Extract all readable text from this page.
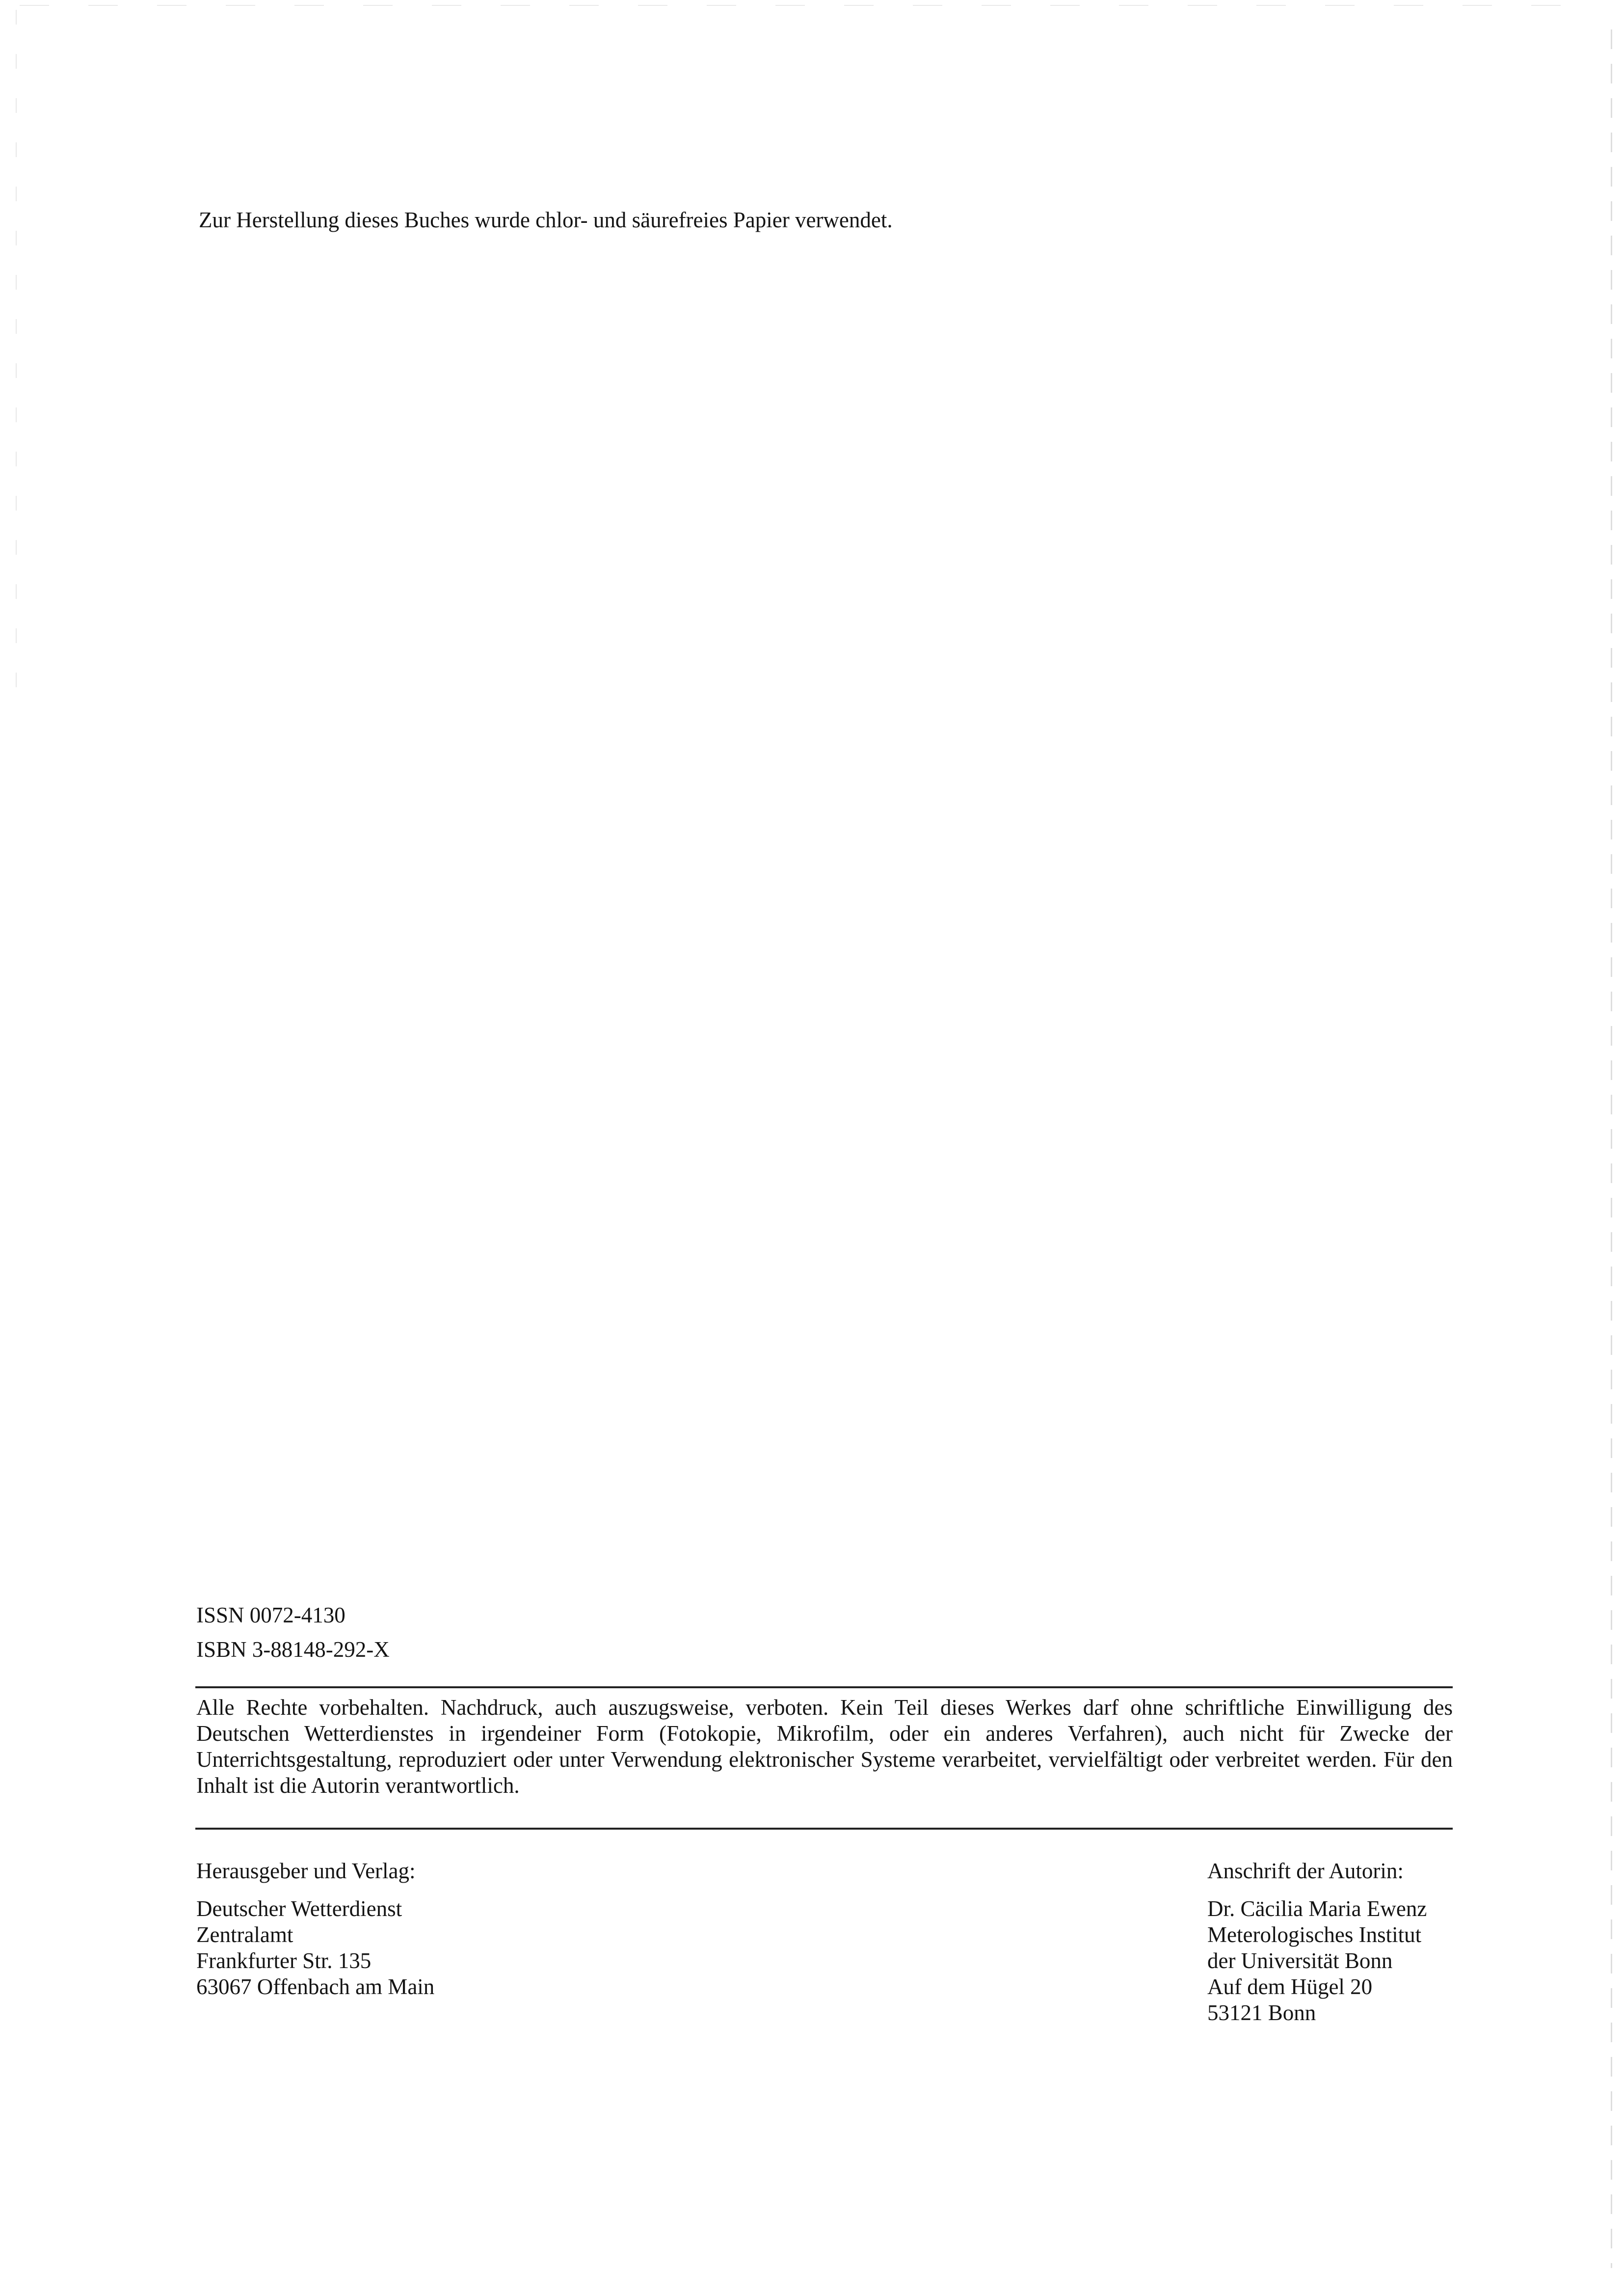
Zur Herstellung dieses Buches wurde chlor- und säurefreies Papier verwendet.
ISSN 0072-4130
ISBN 3-88148-292-X
Alle Rechte vorbehalten. Nachdruck, auch auszugsweise, verboten. Kein Teil dieses Werkes darf ohne schriftliche Einwilligung des Deutschen Wetterdienstes in irgendeiner Form (Fotokopie, Mikrofilm, oder ein anderes Verfahren), auch nicht für Zwecke der Unterrichtsgestaltung, reproduziert oder unter Verwendung elektronischer Systeme verarbeitet, vervielfältigt oder verbreitet werden. Für den Inhalt ist die Autorin verantwortlich.
Herausgeber und Verlag:
Deutscher Wetterdienst
Zentralamt
Frankfurter Str. 135
63067 Offenbach am Main
Anschrift der Autorin:
Dr. Cäcilia Maria Ewenz
Meterologisches Institut
der Universität Bonn
Auf dem Hügel 20
53121 Bonn
